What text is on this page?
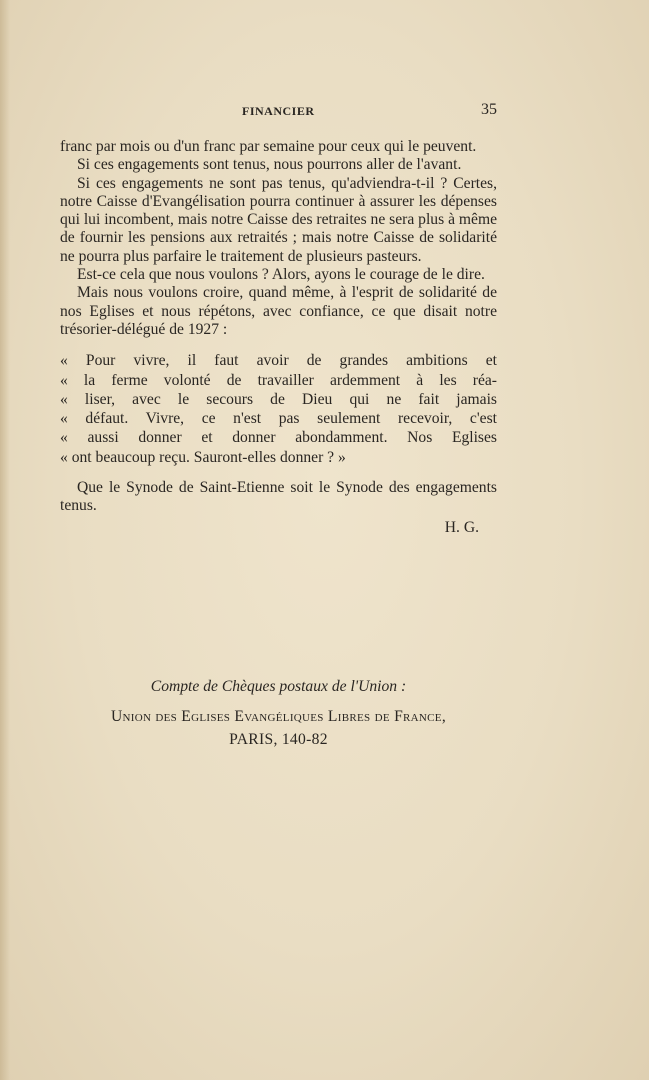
FINANCIER	35

franc par mois ou d'un franc par semaine pour ceux qui le peuvent.

Si ces engagements sont tenus, nous pourrons aller de l'avant.

Si ces engagements ne sont pas tenus, qu'adviendra-t-il ? Certes, notre Caisse d'Evangélisation pourra continuer à assurer les dépenses qui lui incombent, mais notre Caisse des retraites ne sera plus à même de fournir les pensions aux retraités ; mais notre Caisse de solidarité ne pourra plus parfaire le traitement de plusieurs pasteurs.

Est-ce cela que nous voulons ? Alors, ayons le courage de le dire.

Mais nous voulons croire, quand même, à l'esprit de solidarité de nos Eglises et nous répétons, avec confiance, ce que disait notre trésorier-délégué de 1927 :

« Pour vivre, il faut avoir de grandes ambitions et
« la ferme volonté de travailler ardemment à les réa-
« liser, avec le secours de Dieu qui ne fait jamais
« défaut. Vivre, ce n'est pas seulement recevoir, c'est
« aussi donner et donner abondamment. Nos Eglises
« ont beaucoup reçu. Sauront-elles donner ? »

Que le Synode de Saint-Etienne soit le Synode des engagements tenus.

H. G.
Compte de Chèques postaux de l'Union :
Union des Eglises Evangéliques Libres de France,
PARIS, 140-82
